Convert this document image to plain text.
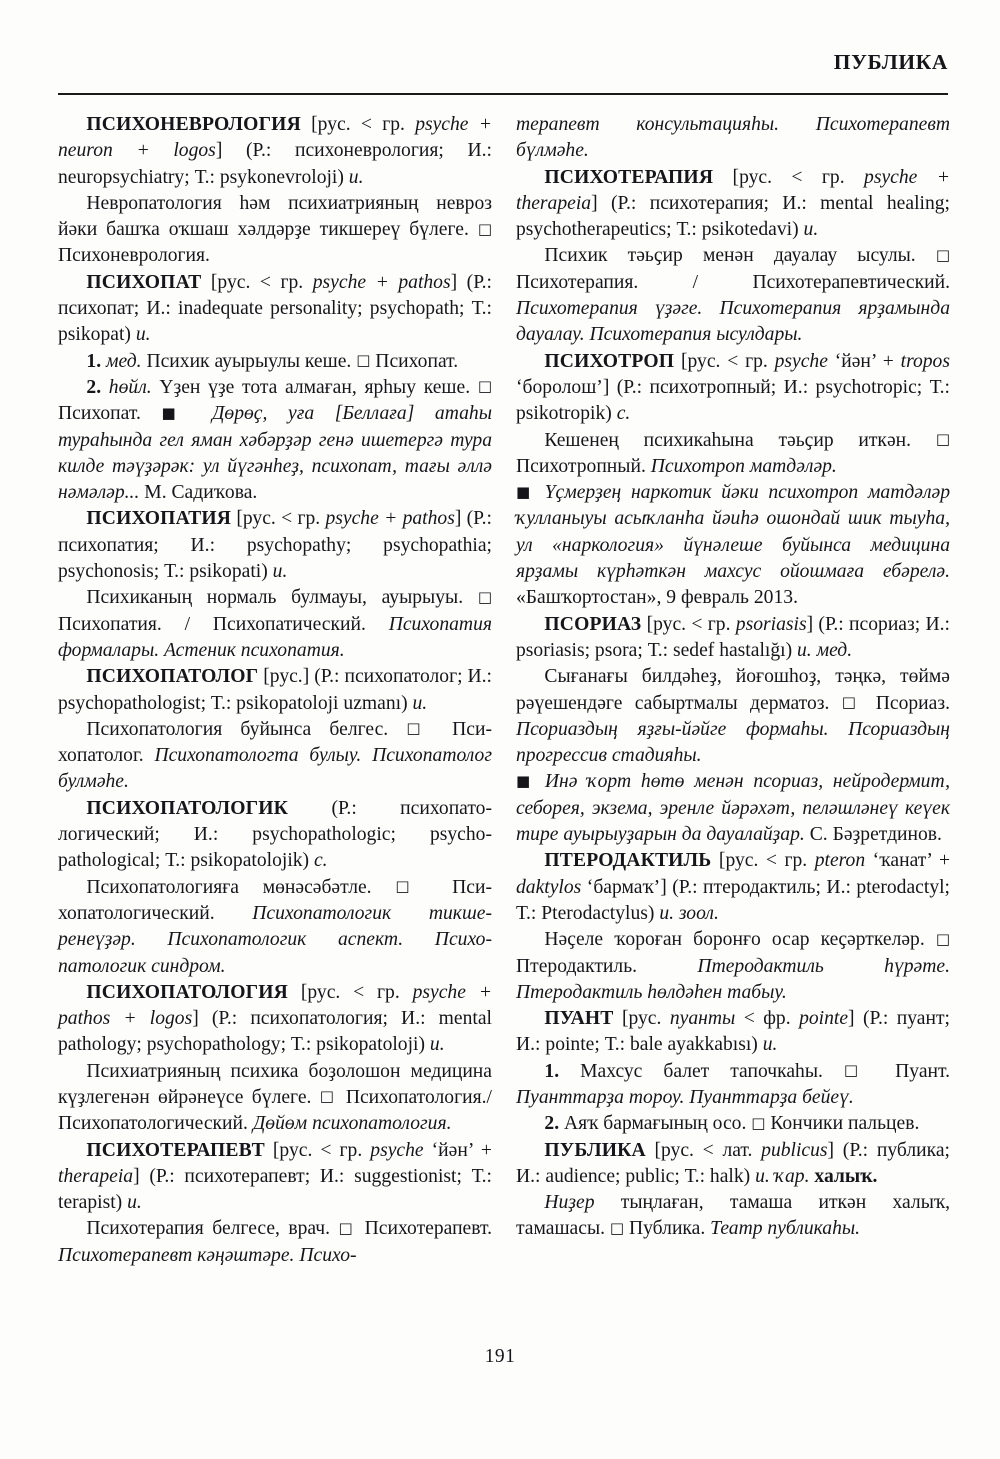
ПУБЛИКА

ПСИХОНЕВРОЛОГИЯ [рус. < гр. psyche + neuron + logos] (Р.: психоневрология; И.: neuropsychiatry; Т.: psykonevroloji) и.

Невропатология һәм психиатрияның невроз йәки башҡа оҡшаш хәлдәрҙе тикшереү бүлеге. □ Психоневрология.

ПСИХОПАТ [рус. < гр. psyche + pathos] (Р.: психопат; И.: inadequate personality; psychopath; Т.: psikopat) и.

1. мед. Психик ауырыулы кеше. □ Психопат.

2. һөйл. Үҙен үҙе тота алмаған, ярһыу кеше. □ Психопат. ■ Дөрөҫ, уға [Беллаға] атаһы тураһында гел яман хәбәрҙәр генә ишетергә тура килде тәүҙәрәк: ул йүгәнһеҙ, психопат, тағы әллә нәмәләр... М. Садиҡова.

ПСИХОПАТИЯ [рус. < гр. psyche + pathos] (Р.: психопатия; И.: psychopathy; psychopathia; psychonosis; Т.: psikopati) и.

Психиканың нормаль булмауы, ауырыуы. □ Психопатия. / Психопатический. Психопатия формалары. Астеник психопатия.

ПСИХОПАТОЛОГ [рус.] (Р.: психопатолог; И.: psychopathologist; Т.: psikopatoloji uzmanı) и.

Психопатология буйынса белгес. □ Психопатолог. Психопатологта булыу. Психопатолог булмәһе.

ПСИХОПАТОЛОГИК (Р.: психопатологический; И.: psychopathologic; psychopathological; Т.: psikopatolojik) с.

Психопатологияға мөнәсәбәтле. □ Психопатологический. Психопатологик тикшеренеүҙәр. Психопатологик аспект. Психопатологик синдром.

ПСИХОПАТОЛОГИЯ [рус. < гр. psyche + pathos + logos] (Р.: психопатология; И.: mental pathology; psychopathology; Т.: psikopatoloji) и.

Психиатрияның психика боҙолошон медицина күҙлегенән өйрәнеүсе бүлеге. □ Психопатология./Психопатологический. Дөйөм психопатология.

ПСИХОТЕРАПЕВТ [рус. < гр. psyche ‘йән’ + therapeia] (Р.: психотерапевт; И.: suggestionist; Т.: terapist) и.

Психотерапия белгесе, врач. □ Психотерапевт. Психотерапевт кәңәштәре. Психо-

терапевт консультацияһы. Психотерапевт бүлмәһе.

ПСИХОТЕРАПИЯ [рус. < гр. psyche + therapeia] (Р.: психотерапия; И.: mental healing; psychotherapeutics; Т.: psikotedavi) и.

Психик тәьҫир менән дауалау ысулы. □ Психотерапия. / Психотерапевтический. Психотерапия үҙәге. Психотерапия ярҙамында дауалау. Психотерапия ысулдары.

ПСИХОТРОП [рус. < гр. psyche ‘йән’ + tropos ‘боролош’] (Р.: психотропный; И.: psychotropic; Т.: psikotropik) с.

Кешенең психикаһына тәьҫир иткән. □ Психотропный. Психотроп матдәләр.

■ Үҫмерҙең наркотик йәки психотроп матдәләр ҡулланыуы асыҡланһа йәиһә ошондай шик тыуһа, ул «наркология» йүнәлеше буйынса медицина ярҙамы күрһәткән махсус ойошмаға ебәрелә. «Башҡортостан», 9 февраль 2013.

ПСОРИАЗ [рус. < гр. psoriasis] (Р.: псориаз; И.: psoriasis; psora; Т.: sedef hastalığı) и. мед.

Сығанағы билдәһеҙ, йоғошһоҙ, тәңкә, төймә рәүешендәге сабыртмалы дерматоз. □ Псориаз. Псориаздың яҙғы-йәйге формаһы. Псориаздың прогрессив стадияһы.

■ Инә ҡорт һөтө менән псориаз, нейродермит, себорея, экзема, эренле йәрәхәт, пеләшләнеү кеүек тире ауырыуҙарын да дауалайҙар. С. Бәҙретдинов.

ПТЕРОДАКТИЛЬ [рус. < гр. pteron ‘ҡанат’ + daktylos ‘бармаҡ’] (Р.: птеродактиль; И.: pterodactyl; Т.: Pterodactylus) и. зоол.

Нәҫеле ҡороған боронғо осар кеҫәрткеләр. □ Птеродактиль. Птеродактиль һүрәте. Птеродактиль һөлдәһен табыу.

ПУАНТ [рус. пуанты < фр. pointe] (Р.: пуант; И.: pointe; Т.: bale ayakkabısı) и.

1. Махсус балет тапочкаһы. □ Пуант. Пуанттарҙа тороу. Пуанттарҙа бейеү.

2. Аяҡ бармағының осо. □ Кончики пальцев.

ПУБЛИКА [рус. < лат. publicus] (Р.: публика; И.: audience; public; Т.: halk) и. ҡар. халыҡ.

Ниҙер тыңлаған, тамаша иткән халыҡ, тамашасы. □ Публика. Театр публикаһы.

191
